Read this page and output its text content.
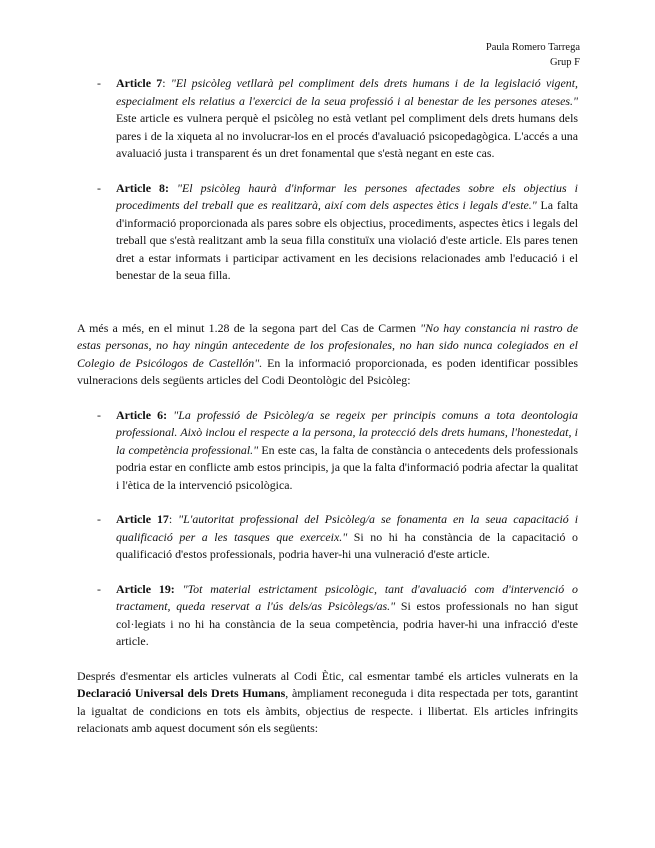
Paula Romero Tarrega
Grup F
- Article 7: "El psicòleg vetllarà pel compliment dels drets humans i de la legislació vigent, especialment els relatius a l'exercici de la seua professió i al benestar de les persones ateses." Este article es vulnera perquè el psicòleg no està vetlant pel compliment dels drets humans dels pares i de la xiqueta al no involucrar-los en el procés d'avaluació psicopedagògica. L'accés a una avaluació justa i transparent és un dret fonamental que s'està negant en este cas.
- Article 8: "El psicòleg haurà d'informar les persones afectades sobre els objectius i procediments del treball que es realitzarà, així com dels aspectes ètics i legals d'este." La falta d'informació proporcionada als pares sobre els objectius, procediments, aspectes ètics i legals del treball que s'està realitzant amb la seua filla constituïx una violació d'este article. Els pares tenen dret a estar informats i participar activament en les decisions relacionades amb l'educació i el benestar de la seua filla.

A més a més, en el minut 1.28 de la segona part del Cas de Carmen "No hay constancia ni rastro de estas personas, no hay ningún antecedente de los profesionales, no han sido nunca colegiados en el Colegio de Psicólogos de Castellón". En la informació proporcionada, es poden identificar possibles vulneracions dels següents articles del Codi Deontològic del Psicòleg:

- Article 6: "La professió de Psicòleg/a se regeix per principis comuns a tota deontologia professional. Això inclou el respecte a la persona, la protecció dels drets humans, l'honestedat, i la competència professional." En este cas, la falta de constància o antecedents dels professionals podria estar en conflicte amb estos principis, ja que la falta d'informació podria afectar la qualitat i l'ètica de la intervenció psicològica.
- Article 17: "L'autoritat professional del Psicòleg/a se fonamenta en la seua capacitació i qualificació per a les tasques que exerceix." Si no hi ha constància de la capacitació o qualificació d'estos professionals, podria haver-hi una vulneració d'este article.
- Article 19: "Tot material estrictament psicològic, tant d'avaluació com d'intervenció o tractament, queda reservat a l'ús dels/as Psicòlegs/as." Si estos professionals no han sigut col·legiats i no hi ha constància de la seua competència, podria haver-hi una infracció d'este article.

Després d'esmentar els articles vulnerats al Codi Ètic, cal esmentar també els articles vulnerats en la Declaració Universal dels Drets Humans, àmpliament reconeguda i dita respectada per tots, garantint la igualtat de condicions en tots els àmbits, objectius de respecte. i llibertat. Els articles infringits relacionats amb aquest document són els següents:
